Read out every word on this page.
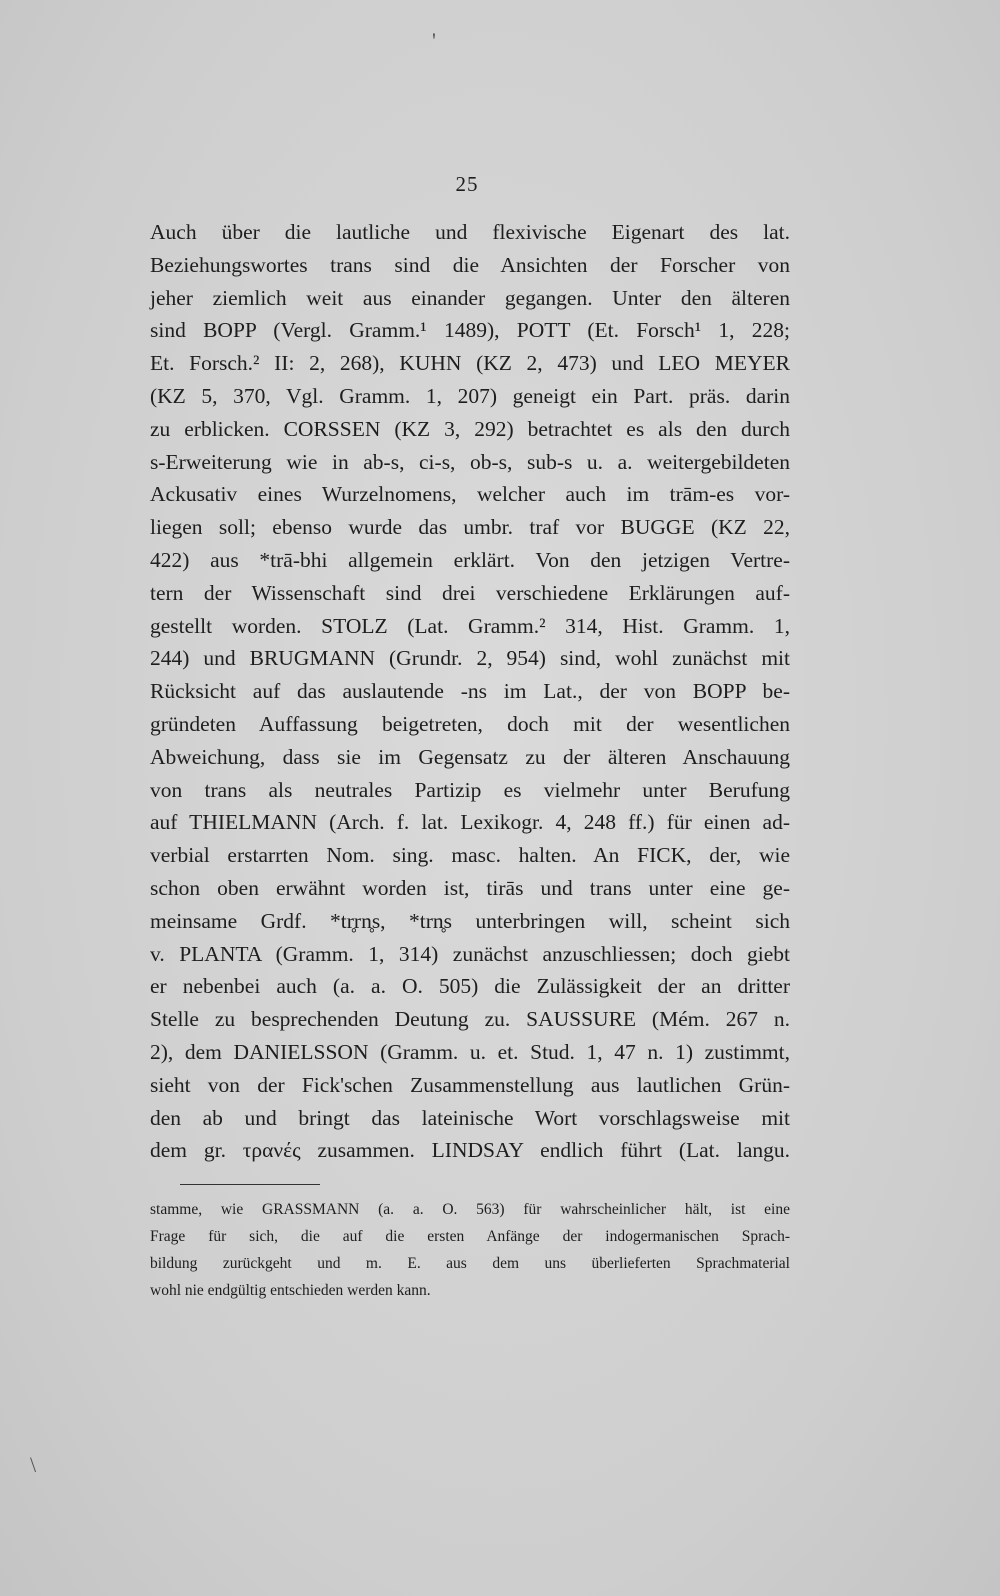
'
\
25
Auch über die lautliche und flexivische Eigenart des lat.
Beziehungswortes trans sind die Ansichten der Forscher von
jeher ziemlich weit aus einander gegangen. Unter den älteren
sind BOPP (Vergl. Gramm.¹ 1489), POTT (Et. Forsch¹ 1, 228;
Et. Forsch.² II: 2, 268), KUHN (KZ 2, 473) und LEO MEYER
(KZ 5, 370, Vgl. Gramm. 1, 207) geneigt ein Part. präs. darin
zu erblicken. CORSSEN (KZ 3, 292) betrachtet es als den durch
s-Erweiterung wie in ab-s, ci-s, ob-s, sub-s u. a. weitergebildeten
Ackusativ eines Wurzelnomens, welcher auch im trām-es vor-
liegen soll; ebenso wurde das umbr. traf vor BUGGE (KZ 22,
422) aus *trā-bhi allgemein erklärt. Von den jetzigen Vertre-
tern der Wissenschaft sind drei verschiedene Erklärungen auf-
gestellt worden. STOLZ (Lat. Gramm.² 314, Hist. Gramm. 1,
244) und BRUGMANN (Grundr. 2, 954) sind, wohl zunächst mit
Rücksicht auf das auslautende -ns im Lat., der von BOPP be-
gründeten Auffassung beigetreten, doch mit der wesentlichen
Abweichung, dass sie im Gegensatz zu der älteren Anschauung
von trans als neutrales Partizip es vielmehr unter Berufung
auf THIELMANN (Arch. f. lat. Lexikogr. 4, 248 ff.) für einen ad-
verbial erstarrten Nom. sing. masc. halten. An FICK, der, wie
schon oben erwähnt worden ist, tirās und trans unter eine ge-
meinsame Grdf. *tr̥rn̥s, *trn̥s unterbringen will, scheint sich
v. PLANTA (Gramm. 1, 314) zunächst anzuschliessen; doch giebt
er nebenbei auch (a. a. O. 505) die Zulässigkeit der an dritter
Stelle zu besprechenden Deutung zu. SAUSSURE (Mém. 267 n.
2), dem DANIELSSON (Gramm. u. et. Stud. 1, 47 n. 1) zustimmt,
sieht von der Fick'schen Zusammenstellung aus lautlichen Grün-
den ab und bringt das lateinische Wort vorschlagsweise mit
dem gr. τρανές zusammen. LINDSAY endlich führt (Lat. langu.
stamme, wie GRASSMANN (a. a. O. 563) für wahrscheinlicher hält, ist eine
Frage für sich, die auf die ersten Anfänge der indogermanischen Sprach-
bildung zurückgeht und m. E. aus dem uns überlieferten Sprachmaterial
wohl nie endgültig entschieden werden kann.
